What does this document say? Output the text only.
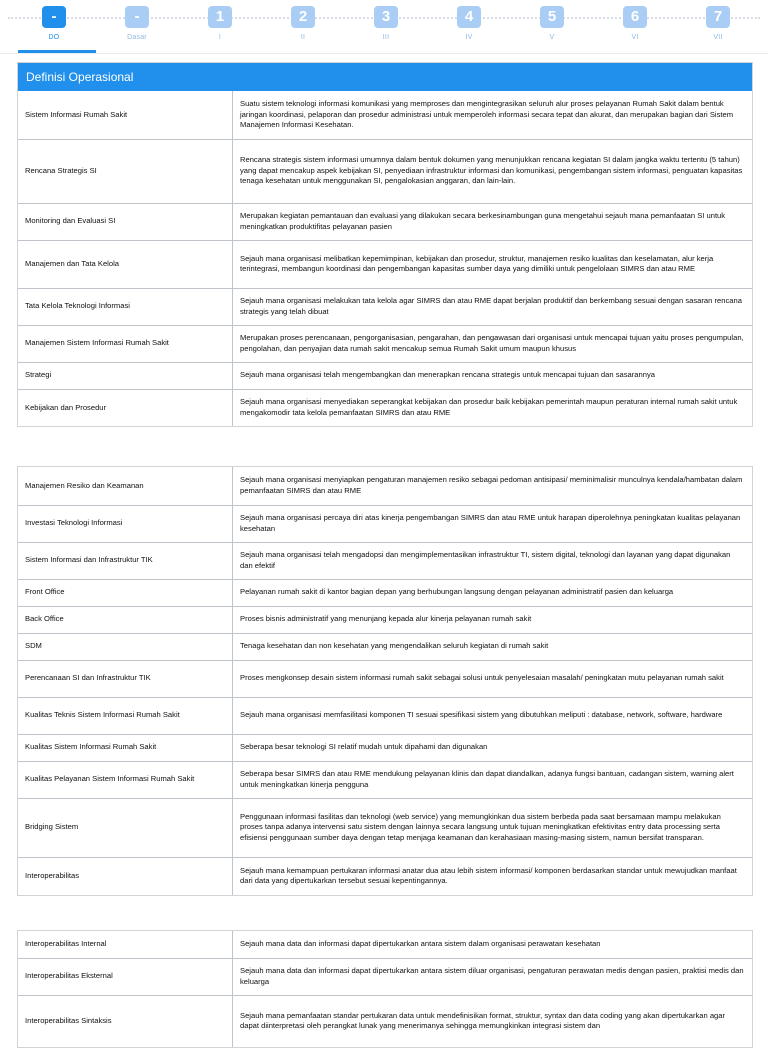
-
DO
-
Dasar
1
I
2
II
3
III
4
IV
5
V
6
VI
7
VII
Definisi Operasional
Sistem Informasi Rumah Sakit	Suatu sistem teknologi informasi komunikasi yang memproses dan mengintegrasikan seluruh alur proses pelayanan Rumah Sakit dalam bentuk jaringan koordinasi, pelaporan dan prosedur administrasi untuk memperoleh informasi secara tepat dan akurat, dan merupakan bagian dari Sistem Manajemen Informasi Kesehatan.
Rencana Strategis SI	Rencana strategis sistem informasi umumnya dalam bentuk dokumen yang menunjukkan rencana kegiatan SI dalam jangka waktu tertentu (5 tahun) yang dapat mencakup aspek kebijakan SI, penyediaan infrastruktur informasi dan komunikasi, pengembangan sistem informasi, penguatan kapasitas tenaga kesehatan untuk menggunakan SI, pengalokasian anggaran, dan lain-lain.
Monitoring dan Evaluasi SI	Merupakan kegiatan pemantauan dan evaluasi yang dilakukan secara berkesinambungan guna mengetahui sejauh mana pemanfaatan SI untuk meningkatkan produktifitas pelayanan pasien
Manajemen dan Tata Kelola	Sejauh mana organisasi melibatkan kepemimpinan, kebijakan dan prosedur, struktur, manajemen resiko kualitas dan keselamatan, alur kerja terintegrasi, membangun koordinasi dan pengembangan kapasitas sumber daya yang dimiliki untuk pengelolaan SIMRS dan atau RME
Tata Kelola Teknologi Informasi	Sejauh mana organisasi melakukan tata kelola agar SIMRS dan atau RME dapat berjalan produktif dan berkembang sesuai dengan sasaran rencana strategis yang telah dibuat
Manajemen Sistem Informasi Rumah Sakit	Merupakan proses perencanaan, pengorganisasian, pengarahan, dan pengawasan dari organisasi untuk mencapai tujuan yaitu proses pengumpulan, pengolahan, dan penyajian data rumah sakit mencakup semua Rumah Sakit umum maupun khusus
Strategi	Sejauh mana organisasi telah mengembangkan dan menerapkan rencana strategis untuk mencapai tujuan dan sasarannya
Kebijakan dan Prosedur	Sejauh mana organisasi menyediakan seperangkat kebijakan dan prosedur baik kebijakan pemerintah maupun peraturan internal rumah sakit untuk mengakomodir tata kelola pemanfaatan SIMRS dan atau RME
Manajemen Resiko dan Keamanan	Sejauh mana organisasi menyiapkan pengaturan manajemen resiko sebagai pedoman antisipasi/ meminimalisir munculnya kendala/hambatan dalam pemanfaatan SIMRS dan atau RME
Investasi Teknologi Informasi	Sejauh mana organisasi percaya diri atas kinerja pengembangan SIMRS dan atau RME untuk harapan diperolehnya peningkatan kualitas pelayanan kesehatan
Sistem Informasi dan Infrastruktur TIK	Sejauh mana organisasi telah mengadopsi dan mengimplementasikan infrastruktur TI, sistem digital, teknologi dan layanan yang dapat digunakan dan efektif
Front Office	Pelayanan rumah sakit di kantor bagian depan yang berhubungan langsung dengan pelayanan administratif pasien dan keluarga
Back Office	Proses bisnis administratif yang menunjang kepada alur kinerja pelayanan rumah sakit
SDM	Tenaga kesehatan dan non kesehatan yang mengendalikan seluruh kegiatan di rumah sakit
Perencanaan SI dan Infrastruktur TIK	Proses mengkonsep desain sistem informasi rumah sakit sebagai solusi untuk penyelesaian masalah/ peningkatan mutu pelayanan rumah sakit
Kualitas Teknis Sistem Informasi Rumah Sakit	Sejauh mana organisasi memfasilitasi komponen TI sesuai spesifikasi sistem yang dibutuhkan meliputi : database, network, software, hardware
Kualitas Sistem Informasi Rumah Sakit	Seberapa besar teknologi SI relatif mudah untuk dipahami dan digunakan
Kualitas Pelayanan Sistem Informasi Rumah Sakit	Seberapa besar SIMRS dan atau RME mendukung pelayanan klinis dan dapat diandalkan, adanya fungsi bantuan, cadangan sistem, warning alert untuk meningkatkan kinerja pengguna
Bridging Sistem	Penggunaan informasi fasilitas dan teknologi (web service) yang memungkinkan dua sistem berbeda pada saat bersamaan mampu melakukan proses tanpa adanya intervensi satu sistem dengan lainnya secara langsung untuk tujuan meningkatkan efektivitas entry data processing serta efisiensi penggunaan sumber daya dengan tetap menjaga keamanan dan kerahasiaan masing-masing sistem, namun bersifat transparan.
Interoperabilitas	Sejauh mana kemampuan pertukaran informasi anatar dua atau lebih sistem informasi/ komponen berdasarkan standar untuk mewujudkan manfaat dari data yang dipertukarkan tersebut sesuai kepentingannya.
Interoperabilitas Internal	Sejauh mana data dan informasi dapat dipertukarkan antara sistem dalam organisasi perawatan kesehatan
Interoperabilitas Eksternal	Sejauh mana data dan informasi dapat dipertukarkan antara sistem diluar organisasi, pengaturan perawatan medis dengan pasien, praktisi medis dan keluarga
Interoperabilitas Sintaksis	Sejauh mana pemanfaatan standar pertukaran data untuk mendefinisikan format, struktur, syntax dan data coding yang akan dipertukarkan agar dapat diinterpretasi oleh perangkat lunak yang menerimanya sehingga memungkinkan integrasi sistem dan
